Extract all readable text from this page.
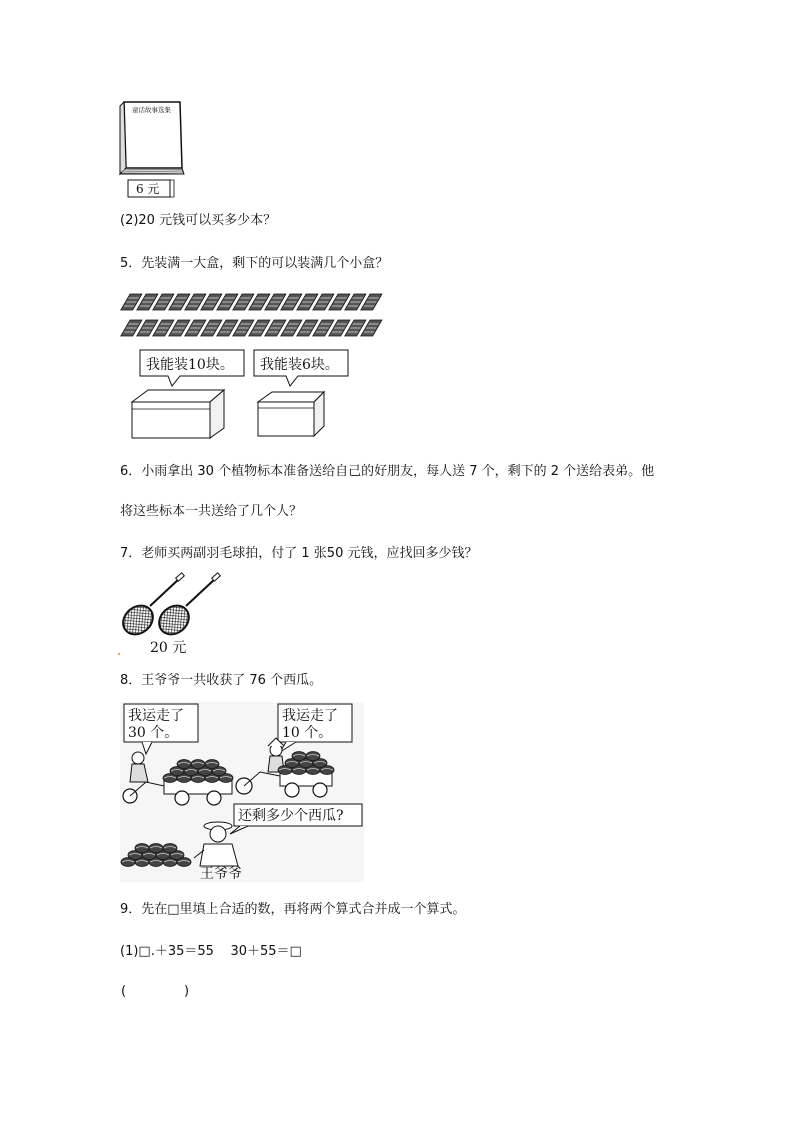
童话故事选集
6 元
(2)20 元钱可以买多少本？
5．先装满一大盒，剩下的可以装满几个小盒？
我能装10块。 我能装6块。
6．小雨拿出 30 个植物标本准备送给自己的好朋友，每人送 7 个，剩下的 2 个送给表弟。他
将这些标本一共送给了几个人？
7．老师买两副羽毛球拍，付了 1 张50 元钱，应找回多少钱？
20 元
8．王爷爷一共收获了 76 个西瓜。
我运走了
30 个。
我运走了
10 个。
还剩多少个西瓜?
王爷爷
9．先在□里填上合适的数，再将两个算式合并成一个算式。
(1)□.＋35＝55    30＋55＝□
(	)
